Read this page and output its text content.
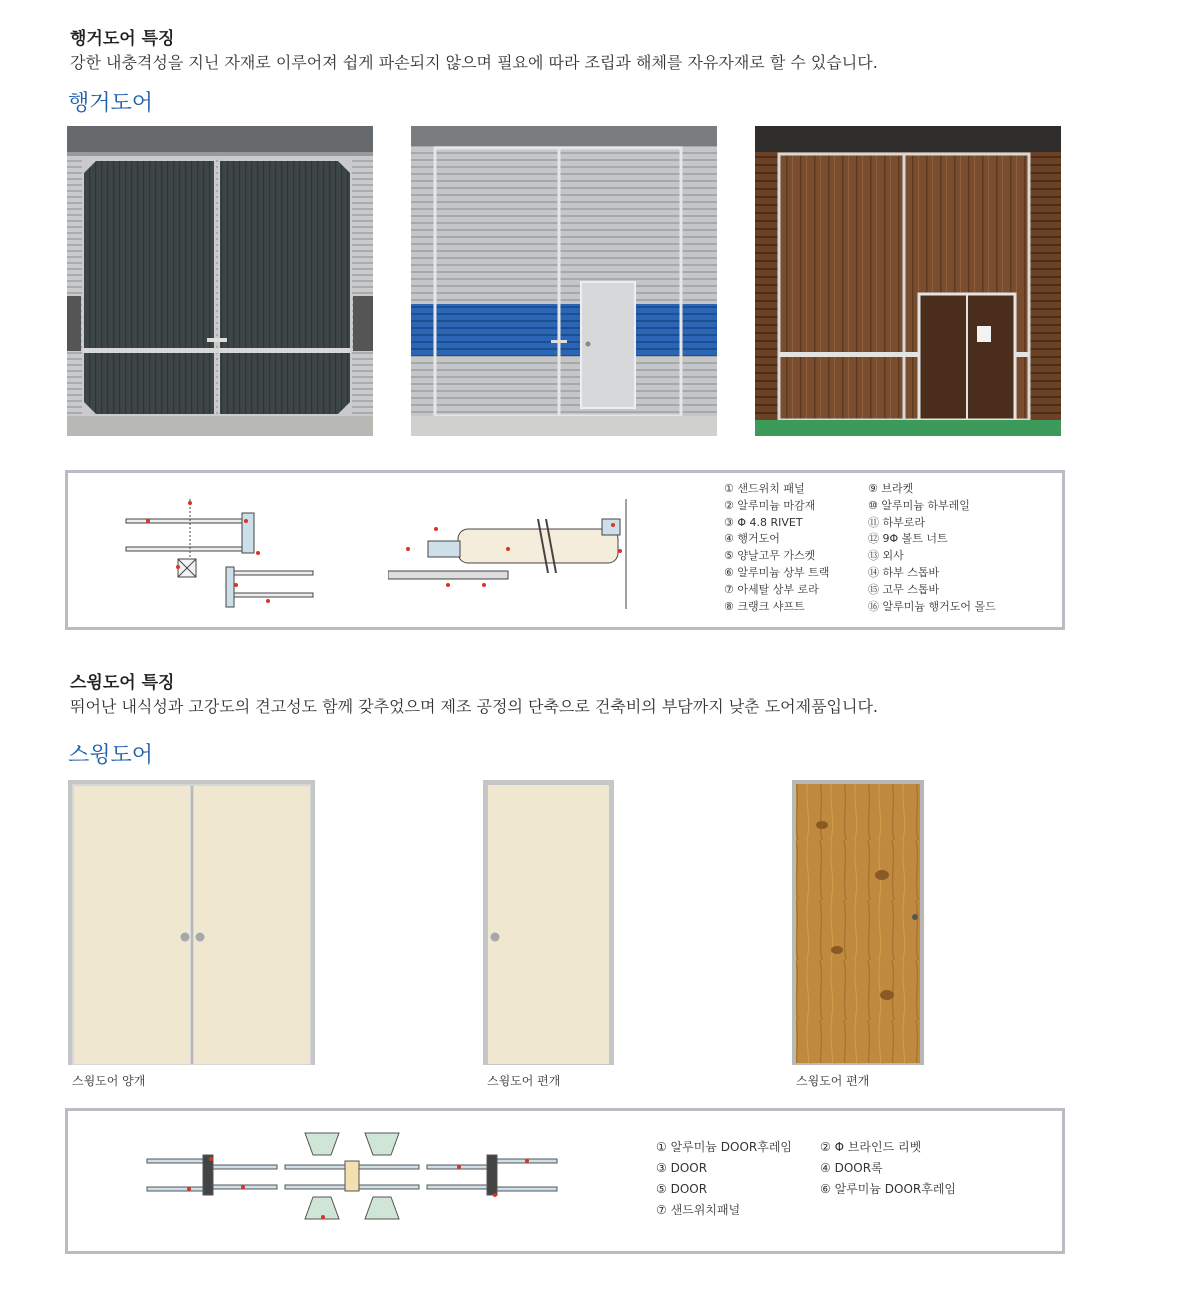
행거도어 특징
강한 내충격성을 지닌 자재로 이루어져 쉽게 파손되지 않으며 필요에 따라 조립과 해체를 자유자재로 할 수 있습니다.
행거도어
① 샌드위치 패널
② 알루미늄 마감재
③ Φ 4.8 RIVET
④ 행거도어
⑤ 양날고무 가스켓
⑥ 알루미늄 상부 트랙
⑦ 아세탈 상부 로라
⑧ 크랭크 샤프트
⑨ 브라켓
⑩ 알루미늄 하부레일
⑪ 하부로라
⑫ 9Φ 볼트 너트
⑬ 외사
⑭ 하부 스톱바
⑮ 고무 스톱바
⑯ 알루미늄 행거도어 몰드
스윙도어 특징
뛰어난 내식성과 고강도의 견고성도 함께 갖추었으며 제조 공정의 단축으로 건축비의 부담까지 낮춘 도어제품입니다.
스윙도어
스윙도어 양개	스윙도어 편개	스윙도어 편개
① 알루미늄 DOOR후레임
③ DOOR
⑤ DOOR
⑦ 샌드위치패널
② Φ 브라인드 리벳
④ DOOR록
⑥ 알루미늄 DOOR후레임
